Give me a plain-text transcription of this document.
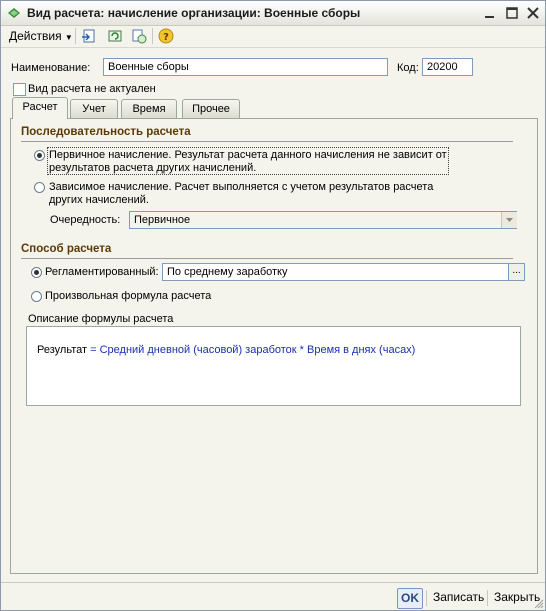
Вид расчета: начисление организации: Военные сборы
Действия ▼	?
Наименование:	Военные сборы	Код: 20200
Вид расчета не актуален
Расчет	Учет	Время	Прочее
Последовательность расчета
Первичное начисление. Результат расчета данного начисления не зависит от
результатов расчета других начислений.
Зависимое начисление. Расчет выполняется с учетом результатов расчета
других начислений.
Очередность:	Первичное
Способ расчета
Регламентированный: По среднему заработку	...
Произвольная формула расчета
Описание формулы расчета
Результат = Средний дневной (часовой) заработок * Время в днях (часах)
OK	Записать Закрыть
